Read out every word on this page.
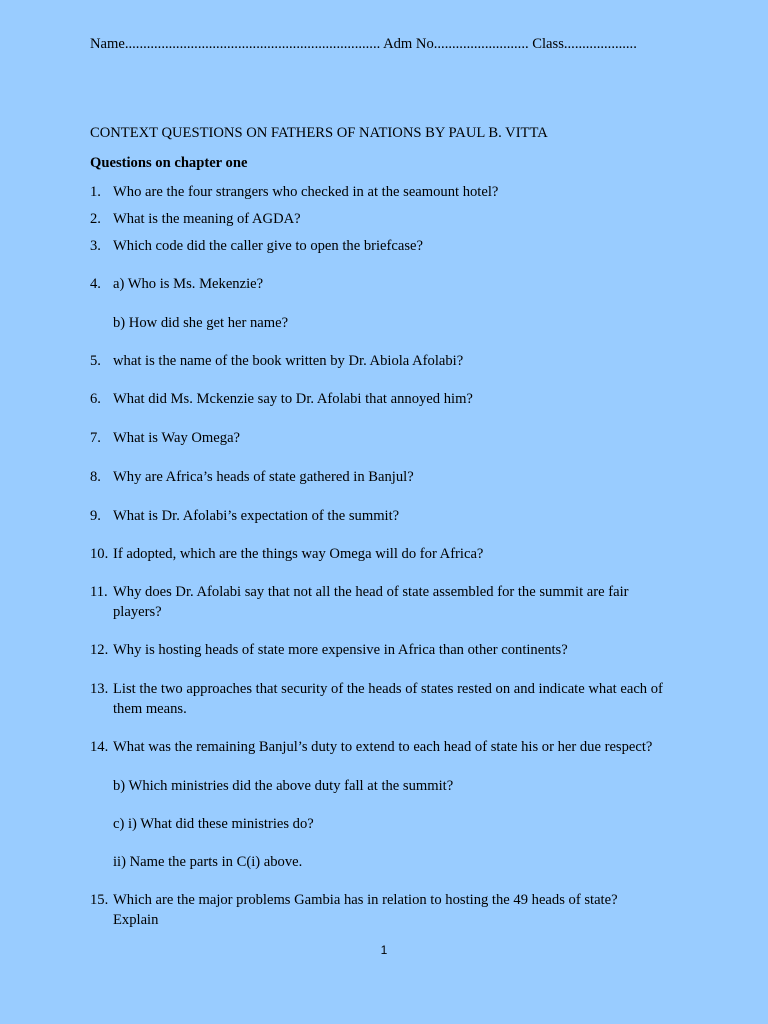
Name...................................................................... Adm No.......................... Class....................
CONTEXT QUESTIONS ON FATHERS OF NATIONS BY PAUL B. VITTA
Questions on chapter one
1. Who are the four strangers who checked in at the seamount hotel?
2. What is the meaning of AGDA?
3. Which code did the caller give to open the briefcase?
4. a) Who is Ms. Mekenzie?
b) How did she get her name?
5. what is the name of the book written by Dr. Abiola Afolabi?
6. What did Ms. Mckenzie say to Dr. Afolabi that annoyed him?
7. What is Way Omega?
8. Why are Africa’s heads of state gathered in Banjul?
9. What is Dr. Afolabi’s expectation of the summit?
10. If adopted, which are the things way Omega will do for Africa?
11. Why does Dr. Afolabi say that not all the head of state assembled for the summit are fair players?
12. Why is hosting heads of state more expensive in Africa than other continents?
13. List the two approaches that security of the heads of states rested on and indicate what each of them means.
14. What was the remaining Banjul’s duty to extend to each head of state his or her due respect?
b) Which ministries did the above duty fall at the summit?
c) i) What did these ministries do?
ii) Name the parts in C(i) above.
15. Which are the major problems Gambia has in relation to hosting the 49 heads of state? Explain
1
